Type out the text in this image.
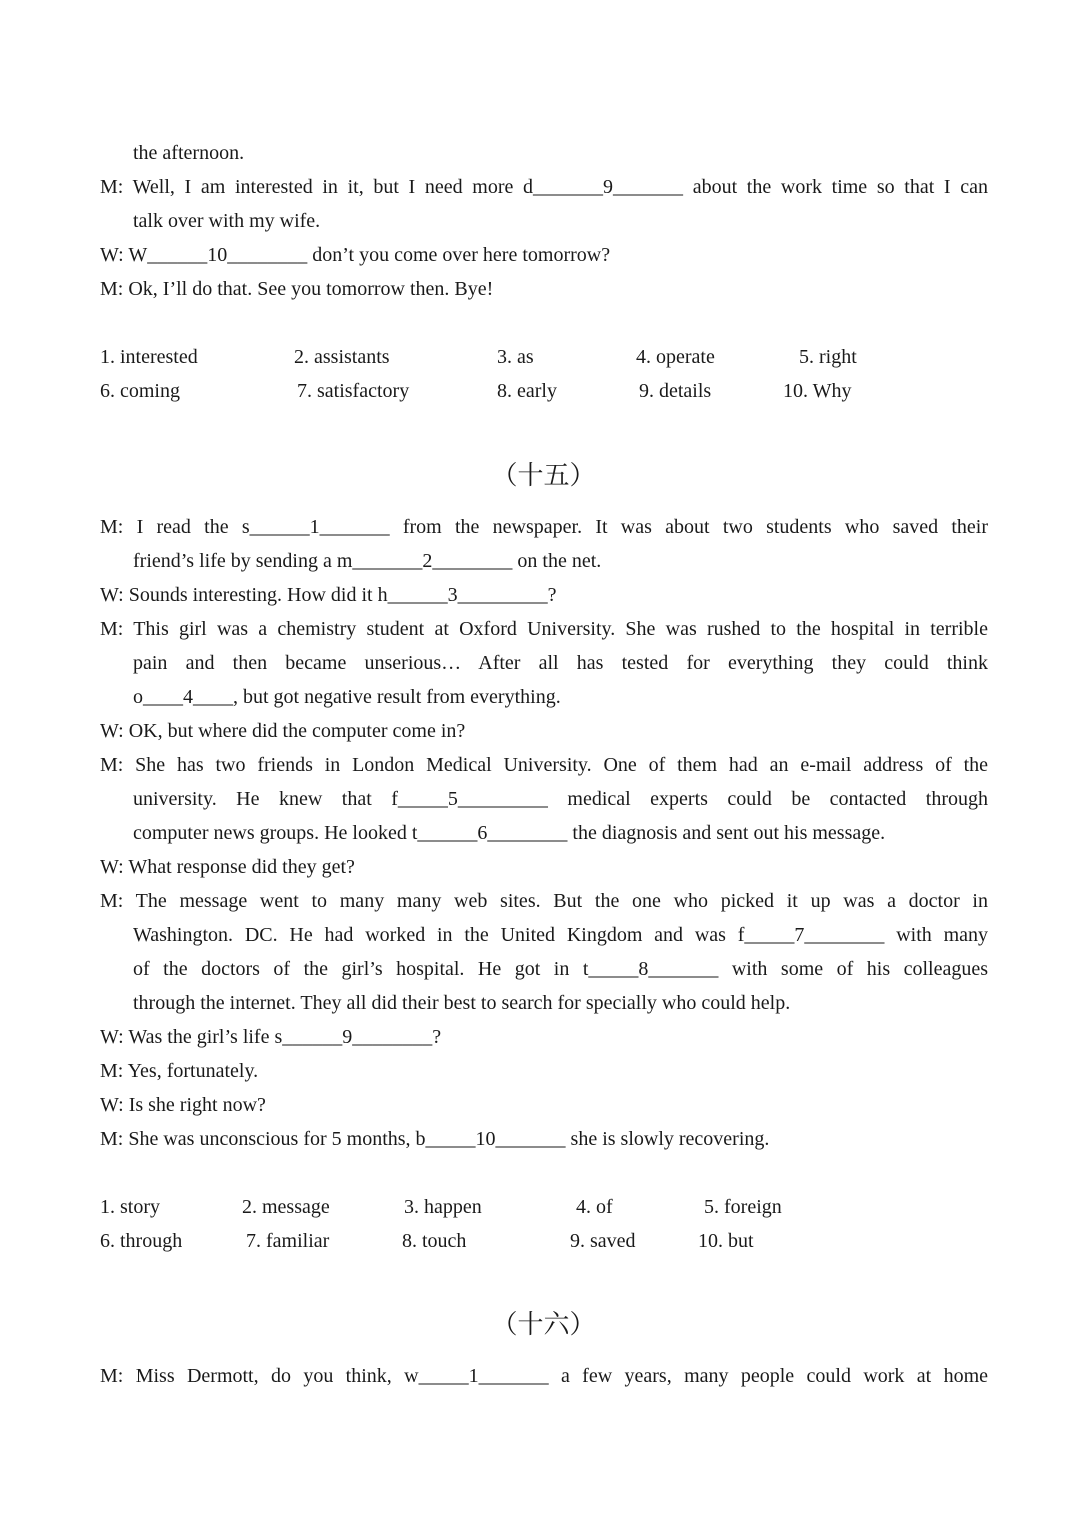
the afternoon.
M: Well, I am interested in it, but I need more d_______9_______ about the work time so that I can
talk over with my wife.
W: W______10________ don’t you come over here tomorrow?
M: Ok, I’ll do that. See you tomorrow then. Bye!
1. interested	2. assistants	3. as	4. operate	5. right
6. coming	7. satisfactory	8. early	9. details	10. Why
（十五）
M: I read the s______1_______ from the newspaper. It was about two students who saved their
friend’s life by sending a m_______2________ on the net.
W: Sounds interesting. How did it h______3_________?
M: This girl was a chemistry student at Oxford University. She was rushed to the hospital in terrible
pain and then became unserious… After all has tested for everything they could think
o____4____, but got negative result from everything.
W: OK, but where did the computer come in?
M: She has two friends in London Medical University. One of them had an e-mail address of the
university. He knew that f_____5_________ medical experts could be contacted through
computer news groups. He looked t______6________ the diagnosis and sent out his message.
W: What response did they get?
M: The message went to many many web sites. But the one who picked it up was a doctor in
Washington. DC. He had worked in the United Kingdom and was f_____7________ with many
of the doctors of the girl’s hospital. He got in t_____8_______ with some of his colleagues
through the internet. They all did their best to search for specially who could help.
W: Was the girl’s life s______9________?
M: Yes, fortunately.
W: Is she right now?
M: She was unconscious for 5 months, b_____10_______ she is slowly recovering.
1. story	2. message	3. happen	4. of	5. foreign
6. through	7. familiar	8. touch	9. saved	10. but
（十六）
M: Miss Dermott, do you think, w_____1_______ a few years, many people could work at home
